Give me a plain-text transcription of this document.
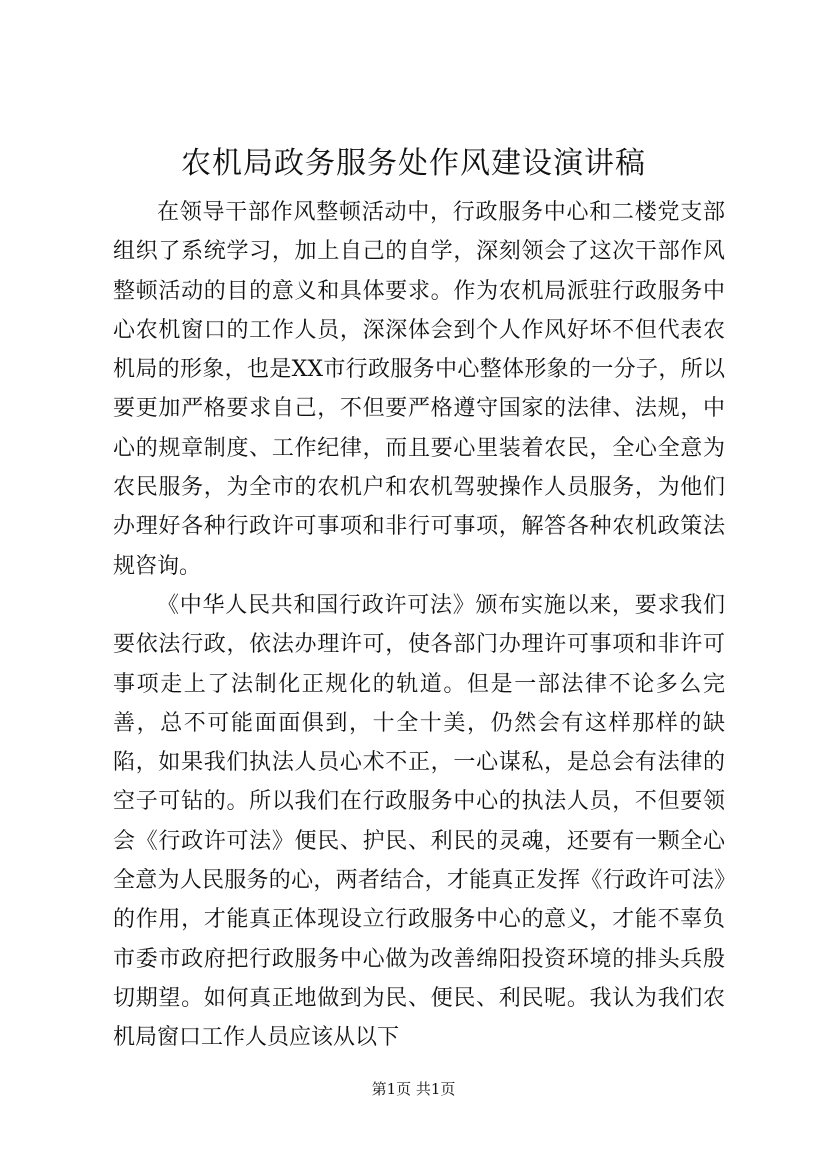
农机局政务服务处作风建设演讲稿

在领导干部作风整顿活动中，行政服务中心和二楼党支部组织了系统学习，加上自己的自学，深刻领会了这次干部作风整顿活动的目的意义和具体要求。作为农机局派驻行政服务中心农机窗口的工作人员，深深体会到个人作风好坏不但代表农机局的形象，也是XX市行政服务中心整体形象的一分子，所以要更加严格要求自己，不但要严格遵守国家的法律、法规，中心的规章制度、工作纪律，而且要心里装着农民，全心全意为农民服务，为全市的农机户和农机驾驶操作人员服务，为他们办理好各种行政许可事项和非行可事项，解答各种农机政策法规咨询。

《中华人民共和国行政许可法》颁布实施以来，要求我们要依法行政，依法办理许可，使各部门办理许可事项和非许可事项走上了法制化正规化的轨道。但是一部法律不论多么完善，总不可能面面俱到，十全十美，仍然会有这样那样的缺陷，如果我们执法人员心术不正，一心谋私，是总会有法律的空子可钻的。所以我们在行政服务中心的执法人员，不但要领会《行政许可法》便民、护民、利民的灵魂，还要有一颗全心全意为人民服务的心，两者结合，才能真正发挥《行政许可法》的作用，才能真正体现设立行政服务中心的意义，才能不辜负市委市政府把行政服务中心做为改善绵阳投资环境的排头兵殷切期望。如何真正地做到为民、便民、利民呢。我认为我们农机局窗口工作人员应该从以下

第1页 共1页
